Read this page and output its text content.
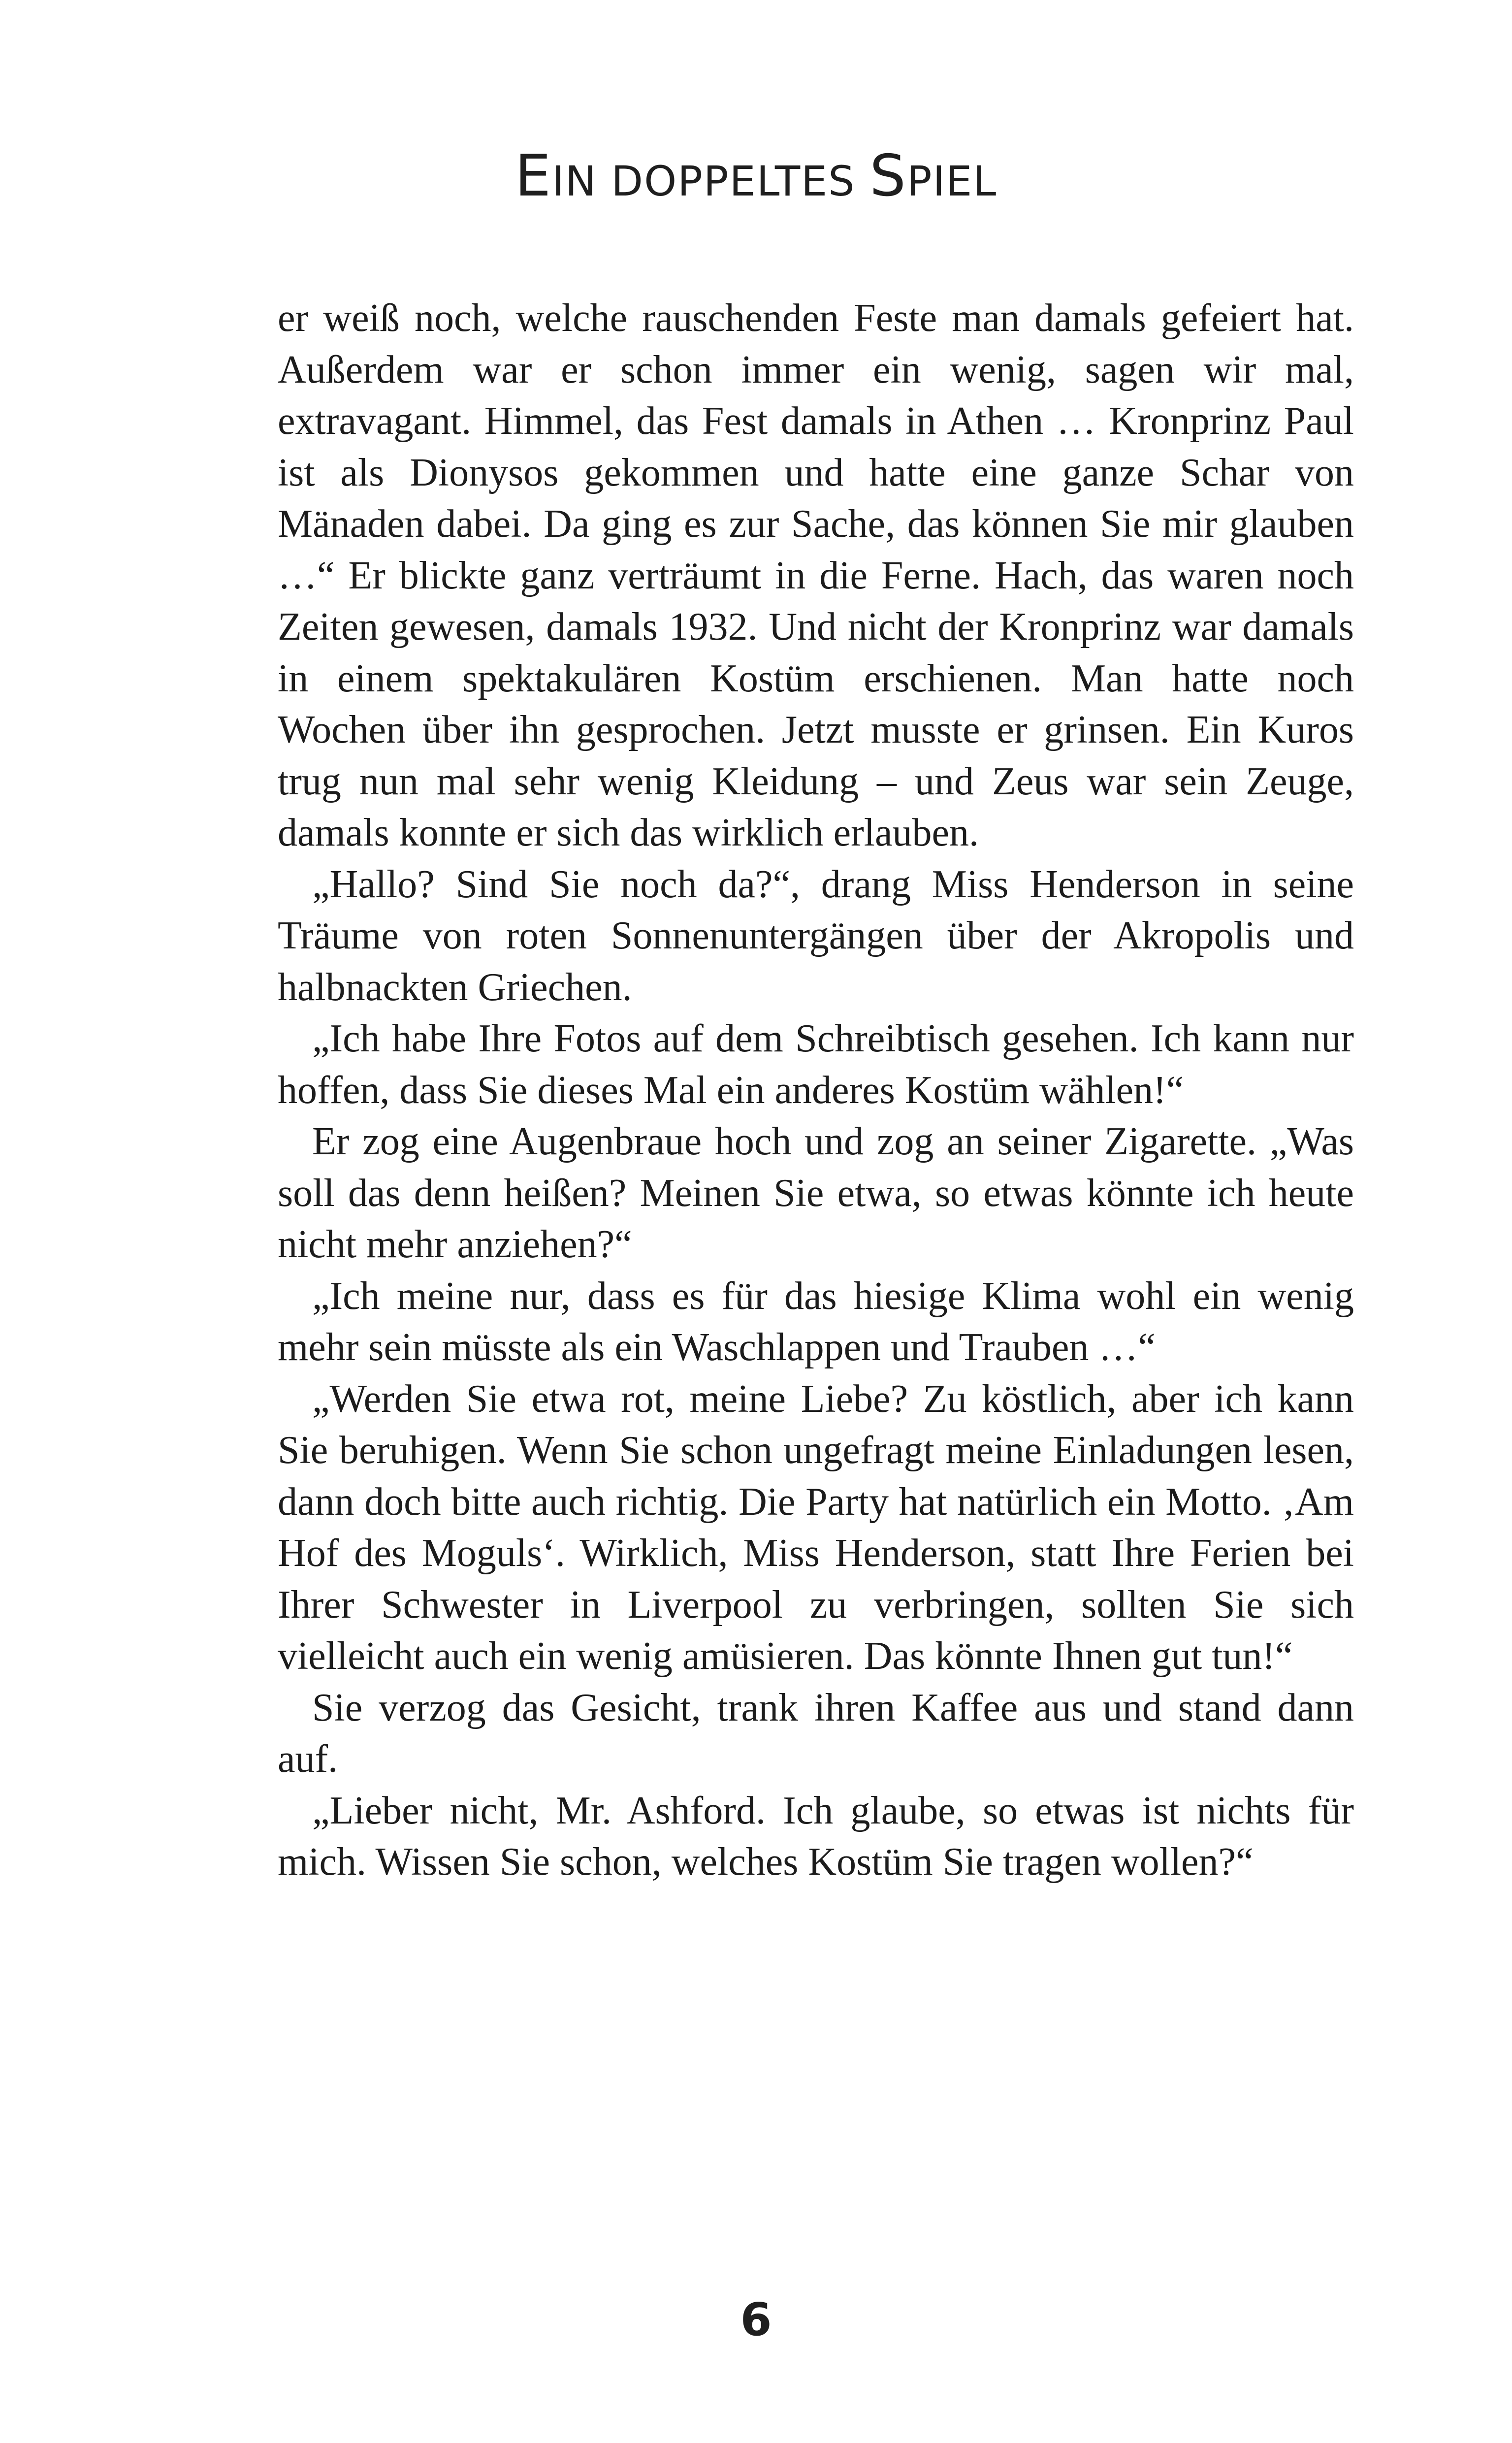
EIN DOPPELTES SPIEL

er weiß noch, welche rauschenden Feste man damals gefeiert hat. Außerdem war er schon immer ein wenig, sagen wir mal, extravagant. Himmel, das Fest damals in Athen … Kronprinz Paul ist als Dionysos gekommen und hatte eine ganze Schar von Mänaden dabei. Da ging es zur Sache, das können Sie mir glauben …“ Er blickte ganz verträumt in die Ferne. Hach, das waren noch Zeiten gewesen, damals 1932. Und nicht der Kronprinz war damals in einem spektakulären Kostüm erschienen. Man hatte noch Wochen über ihn gesprochen. Jetzt musste er grinsen. Ein Kuros trug nun mal sehr wenig Kleidung – und Zeus war sein Zeuge, damals konnte er sich das wirklich erlauben.

„Hallo? Sind Sie noch da?“, drang Miss Henderson in seine Träume von roten Sonnenuntergängen über der Akropolis und halbnackten Griechen.

„Ich habe Ihre Fotos auf dem Schreibtisch gesehen. Ich kann nur hoffen, dass Sie dieses Mal ein anderes Kostüm wählen!“

Er zog eine Augenbraue hoch und zog an seiner Zigarette. „Was soll das denn heißen? Meinen Sie etwa, so etwas könnte ich heute nicht mehr anziehen?“

„Ich meine nur, dass es für das hiesige Klima wohl ein wenig mehr sein müsste als ein Waschlappen und Trauben …“

„Werden Sie etwa rot, meine Liebe? Zu köstlich, aber ich kann Sie beruhigen. Wenn Sie schon ungefragt meine Einladungen lesen, dann doch bitte auch richtig. Die Party hat natürlich ein Motto. ‚Am Hof des Moguls‘. Wirklich, Miss Henderson, statt Ihre Ferien bei Ihrer Schwester in Liverpool zu verbringen, sollten Sie sich vielleicht auch ein wenig amüsieren. Das könnte Ihnen gut tun!“

Sie verzog das Gesicht, trank ihren Kaffee aus und stand dann auf.

„Lieber nicht, Mr. Ashford. Ich glaube, so etwas ist nichts für mich. Wissen Sie schon, welches Kostüm Sie tragen wollen?“

6
